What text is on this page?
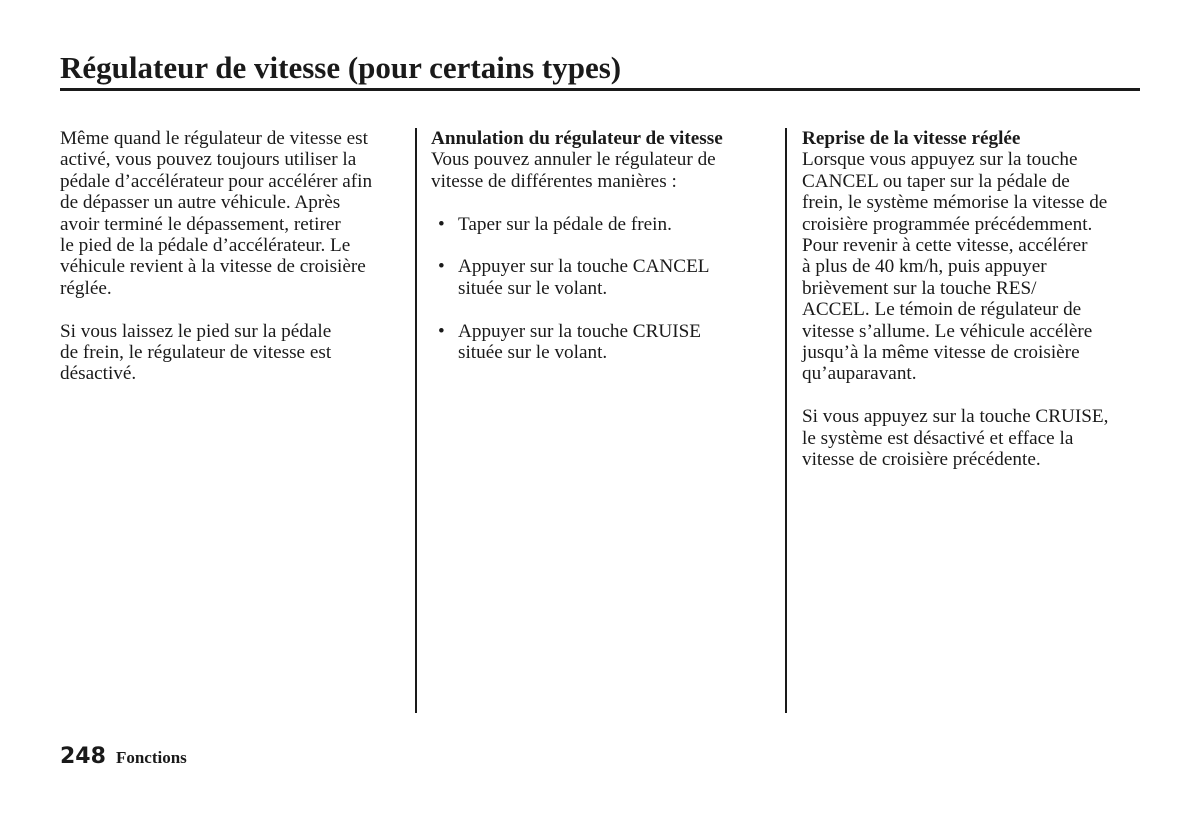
Régulateur de vitesse (pour certains types)

Même quand le régulateur de vitesse est

activé, vous pouvez toujours utiliser la

pédale d’accélérateur pour accélérer afin

de dépasser un autre véhicule. Après

avoir terminé le dépassement, retirer

le pied de la pédale d’accélérateur. Le

véhicule revient à la vitesse de croisière

réglée.

Si vous laissez le pied sur la pédale

de frein, le régulateur de vitesse est

désactivé.

Annulation du régulateur de vitesse

Vous pouvez annuler le régulateur de

vitesse de différentes manières :

• Taper sur la pédale de frein.

• Appuyer sur la touche CANCEL

située sur le volant.

• Appuyer sur la touche CRUISE

située sur le volant.

Reprise de la vitesse réglée

Lorsque vous appuyez sur la touche

CANCEL ou taper sur la pédale de

frein, le système mémorise la vitesse de

croisière programmée précédemment.

Pour revenir à cette vitesse, accélérer

à plus de 40 km/h, puis appuyer

brièvement sur la touche RES/

ACCEL. Le témoin de régulateur de

vitesse s’allume. Le véhicule accélère

jusqu’à la même vitesse de croisière

qu’auparavant.

Si vous appuyez sur la touche CRUISE,

le système est désactivé et efface la

vitesse de croisière précédente.

248 Fonctions
